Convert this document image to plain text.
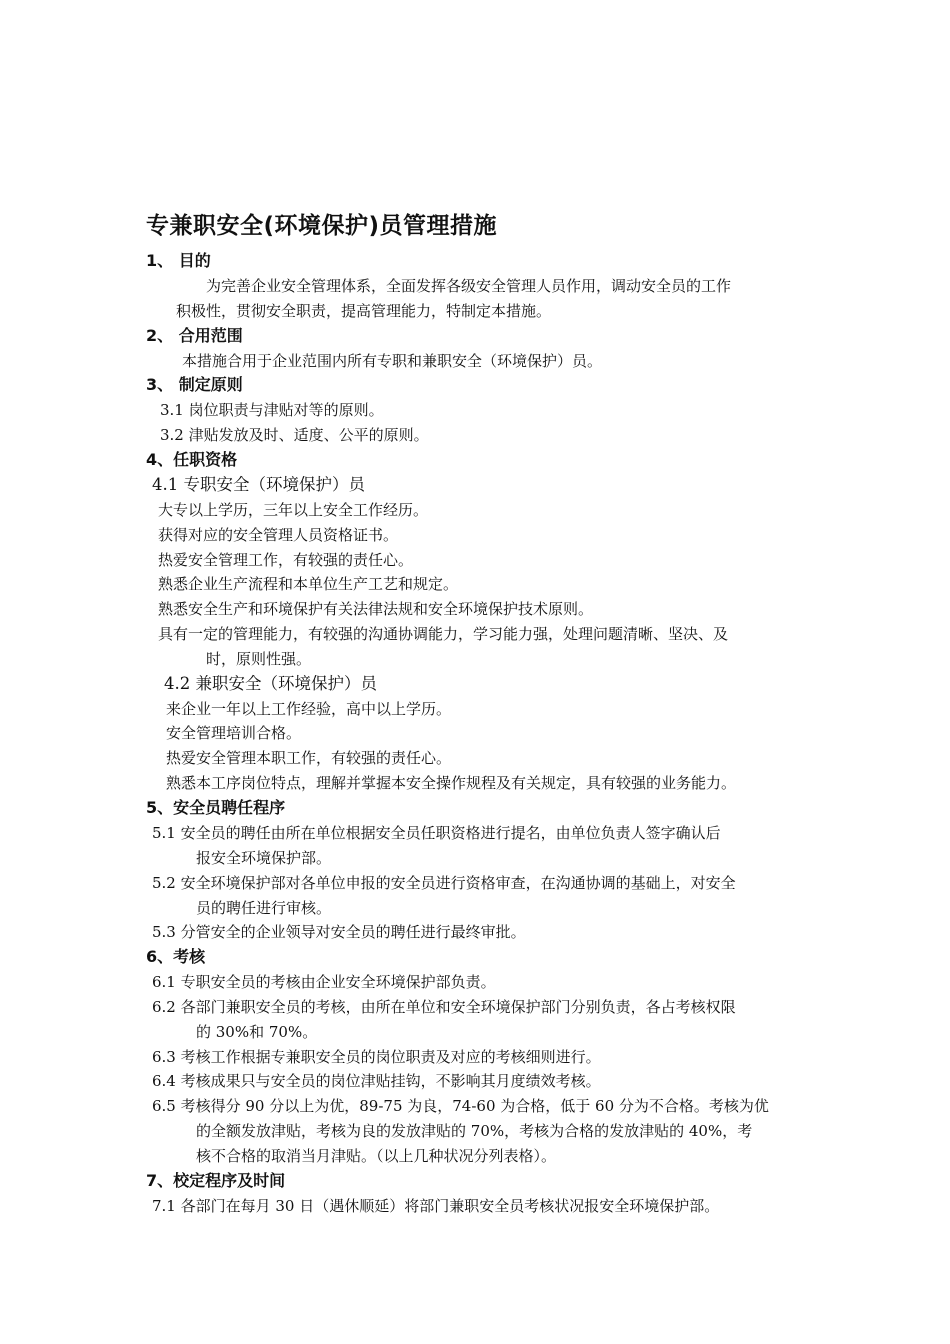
专兼职安全(环境保护)员管理措施
1、 目的
为完善企业安全管理体系，全面发挥各级安全管理人员作用，调动安全员的工作
积极性，贯彻安全职责，提高管理能力，特制定本措施。
2、 合用范围
本措施合用于企业范围内所有专职和兼职安全（环境保护）员。
3、 制定原则
3.1 岗位职责与津贴对等的原则。
3.2 津贴发放及时、适度、公平的原则。
4、任职资格
4.1 专职安全（环境保护）员
大专以上学历，三年以上安全工作经历。
获得对应的安全管理人员资格证书。
热爱安全管理工作，有较强的责任心。
熟悉企业生产流程和本单位生产工艺和规定。
熟悉安全生产和环境保护有关法律法规和安全环境保护技术原则。
具有一定的管理能力，有较强的沟通协调能力，学习能力强，处理问题清晰、坚决、及
时，原则性强。
4.2 兼职安全（环境保护）员
来企业一年以上工作经验，高中以上学历。
安全管理培训合格。
热爱安全管理本职工作，有较强的责任心。
熟悉本工序岗位特点，理解并掌握本安全操作规程及有关规定，具有较强的业务能力。
5、安全员聘任程序
5.1 安全员的聘任由所在单位根据安全员任职资格进行提名，由单位负责人签字确认后
报安全环境保护部。
5.2 安全环境保护部对各单位申报的安全员进行资格审查，在沟通协调的基础上，对安全
员的聘任进行审核。
5.3 分管安全的企业领导对安全员的聘任进行最终审批。
6、考核
6.1 专职安全员的考核由企业安全环境保护部负责。
6.2 各部门兼职安全员的考核，由所在单位和安全环境保护部门分别负责，各占考核权限
的 30%和 70%。
6.3 考核工作根据专兼职安全员的岗位职责及对应的考核细则进行。
6.4 考核成果只与安全员的岗位津贴挂钩，不影响其月度绩效考核。
6.5 考核得分 90 分以上为优，89-75 为良，74-60 为合格，低于 60 分为不合格。考核为优
的全额发放津贴，考核为良的发放津贴的 70%，考核为合格的发放津贴的 40%，考
核不合格的取消当月津贴。（以上几种状况分列表格）。
7、校定程序及时间
7.1 各部门在每月 30 日（遇休顺延）将部门兼职安全员考核状况报安全环境保护部。
